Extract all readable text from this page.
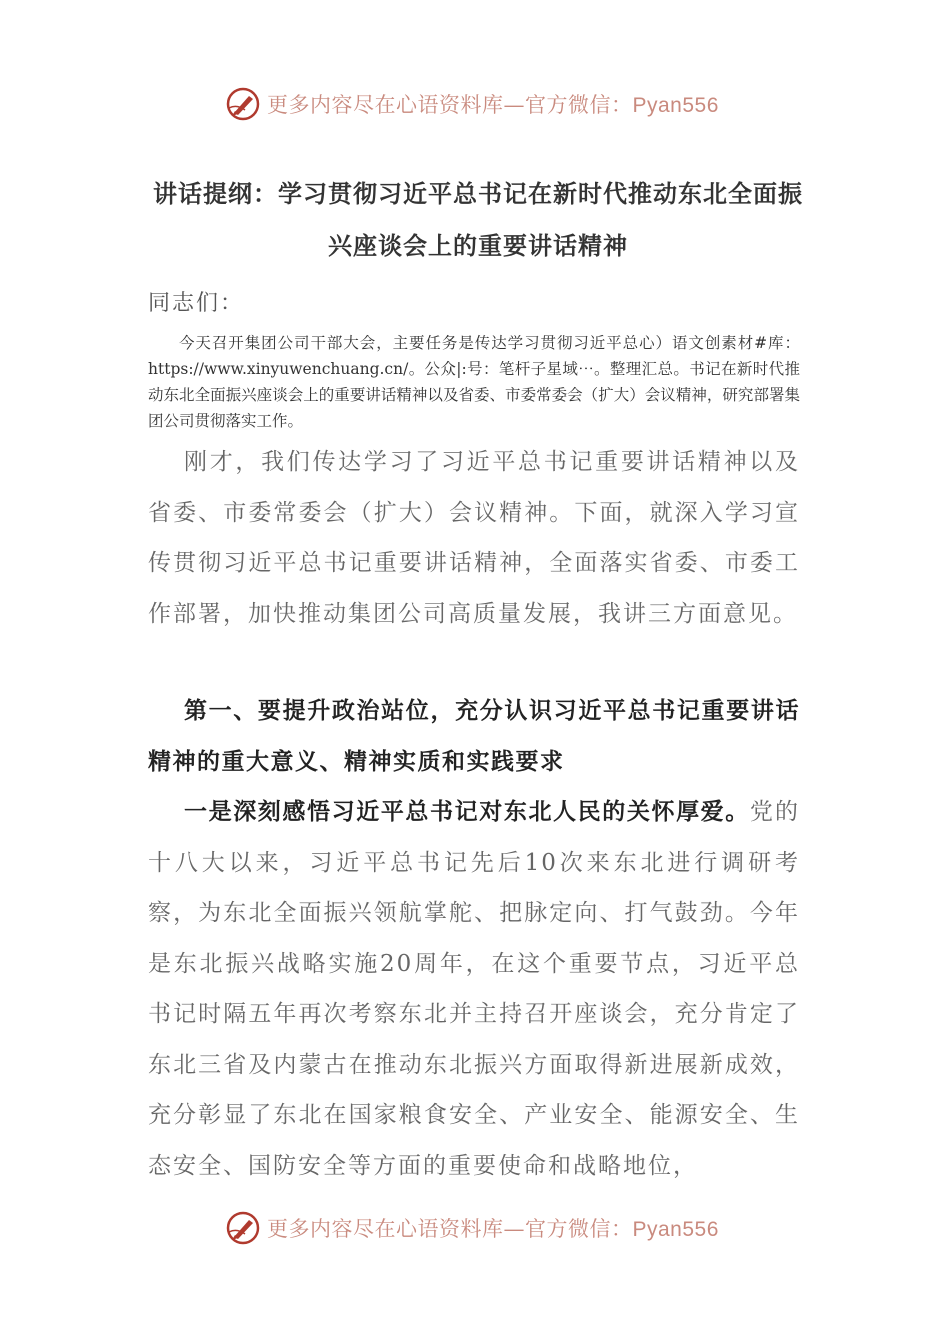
更多内容尽在心语资料库—官方微信：Pyan556
讲话提纲：学习贯彻习近平总书记在新时代推动东北全面振兴座谈会上的重要讲话精神
同志们：
今天召开集团公司干部大会，主要任务是传达学习贯彻习近平总心）语文创素材#库：https://www.xinyuwenchuang.cn/。公众|:号：笔杆子星域⋯。整理汇总。书记在新时代推动东北全面振兴座谈会上的重要讲话精神以及省委、市委常委会（扩大）会议精神，研究部署集团公司贯彻落实工作。

刚才，我们传达学习了习近平总书记重要讲话精神以及省委、市委常委会（扩大）会议精神。下面，就深入学习宣传贯彻习近平总书记重要讲话精神，全面落实省委、市委工作部署，加快推动集团公司高质量发展，我讲三方面意见。

第一、要提升政治站位，充分认识习近平总书记重要讲话精神的重大意义、精神实质和实践要求

一是深刻感悟习近平总书记对东北人民的关怀厚爱。党的十八大以来，习近平总书记先后10次来东北进行调研考察，为东北全面振兴领航掌舵、把脉定向、打气鼓劲。今年是东北振兴战略实施20周年，在这个重要节点，习近平总书记时隔五年再次考察东北并主持召开座谈会，充分肯定了东北三省及内蒙古在推动东北振兴方面取得新进展新成效，充分彰显了东北在国家粮食安全、产业安全、能源安全、生态安全、国防安全等方面的重要使命和战略地位，

更多内容尽在心语资料库—官方微信：Pyan556
